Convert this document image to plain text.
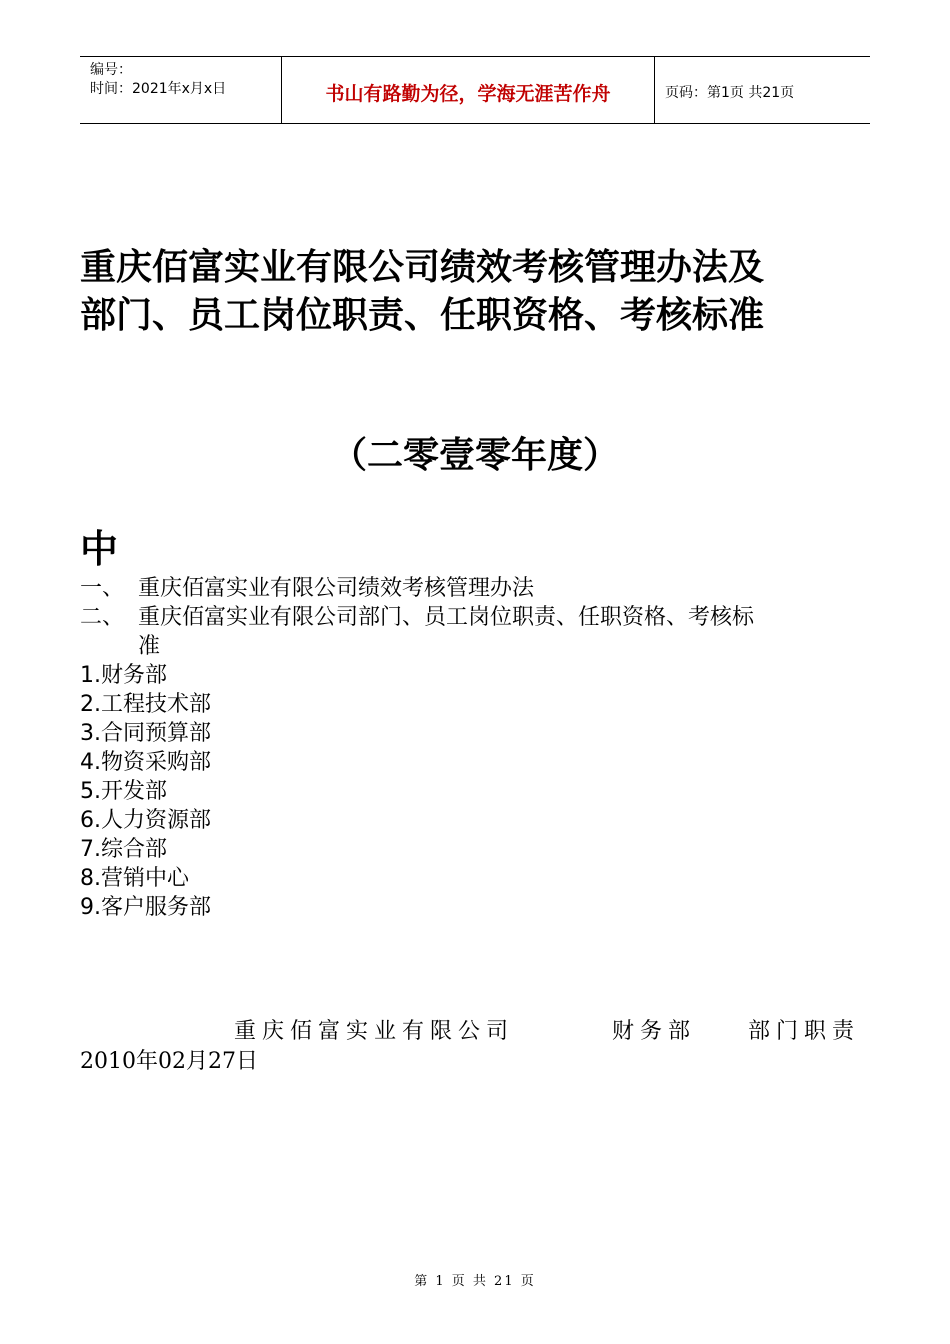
编号：
时间：2021年x月x日	书山有路勤为径，学海无涯苦作舟	页码：第1页 共21页
重庆佰富实业有限公司绩效考核管理办法及
部门、员工岗位职责、任职资格、考核标准
（二零壹零年度）
中
一、 重庆佰富实业有限公司绩效考核管理办法
二、 重庆佰富实业有限公司部门、员工岗位职责、任职资格、考核标
准
1.财务部
2.工程技术部
3.合同预算部
4.物资采购部
5.开发部
6.人力资源部
7.综合部
8.营销中心
9.客户服务部
重庆佰富实业有限公司	财务部 部门职责
2010年02月27日
第 1 页 共 21 页
